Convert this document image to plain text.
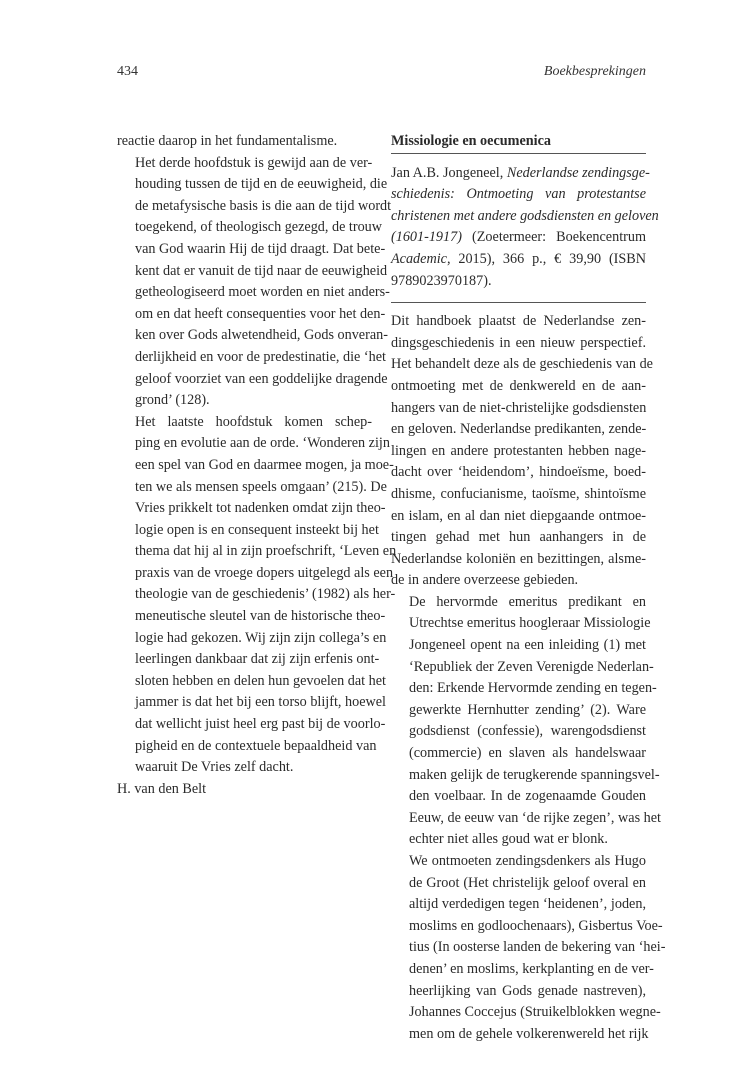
434	Boekbesprekingen

reactie daarop in het fundamentalisme.

Het derde hoofdstuk is gewijd aan de ver-
houding tussen de tijd en de eeuwigheid, die
de metafysische basis is die aan de tijd wordt
toegekend, of theologisch gezegd, de trouw
van God waarin Hij de tijd draagt. Dat bete-
kent dat er vanuit de tijd naar de eeuwigheid
getheologiseerd moet worden en niet anders-
om en dat heeft consequenties voor het den-
ken over Gods alwetendheid, Gods onveran-
derlijkheid en voor de predestinatie, die ‘het
geloof voorziet van een goddelijke dragende
grond’ (128).

Het laatste hoofdstuk komen schep-
ping en evolutie aan de orde. ‘Wonderen zijn
een spel van God en daarmee mogen, ja moe-
ten we als mensen speels omgaan’ (215). De
Vries prikkelt tot nadenken omdat zijn theo-
logie open is en consequent insteekt bij het
thema dat hij al in zijn proefschrift, ‘Leven en
praxis van de vroege dopers uitgelegd als een
theologie van de geschiedenis’ (1982) als her-
meneutische sleutel van de historische theo-
logie had gekozen. Wij zijn zijn collega’s en
leerlingen dankbaar dat zij zijn erfenis ont-
sloten hebben en delen hun gevoelen dat het
jammer is dat het bij een torso blijft, hoewel
dat wellicht juist heel erg past bij de voorlo-
pigheid en de contextuele bepaaldheid van
waaruit De Vries zelf dacht.

H. van den Belt

Missiologie en oecumenica

Jan A.B. Jongeneel, Nederlandse zendingsge-
schiedenis: Ontmoeting van protestantse
christenen met andere godsdiensten en geloven
(1601-1917) (Zoetermeer: Boekencentrum
Academic, 2015), 366 p., € 39,90 (ISBN
9789023970187).

Dit handboek plaatst de Nederlandse zen-
dingsgeschiedenis in een nieuw perspectief.
Het behandelt deze als de geschiedenis van de
ontmoeting met de denkwereld en de aan-
hangers van de niet-christelijke godsdiensten
en geloven. Nederlandse predikanten, zende-
lingen en andere protestanten hebben nage-
dacht over ‘heidendom’, hindoeïsme, boed-
dhisme, confucianisme, taoïsme, shintoïsme
en islam, en al dan niet diepgaande ontmoe-
tingen gehad met hun aanhangers in de
Nederlandse koloniën en bezittingen, alsme-
de in andere overzeese gebieden.

De hervormde emeritus predikant en
Utrechtse emeritus hoogleraar Missiologie
Jongeneel opent na een inleiding (1) met
‘Republiek der Zeven Verenigde Nederlan-
den: Erkende Hervormde zending en tegen-
gewerkte Hernhutter zending’ (2). Ware
godsdienst (confessie), warengodsdienst
(commercie) en slaven als handelswaar
maken gelijk de terugkerende spanningsvel-
den voelbaar. In de zogenaamde Gouden
Eeuw, de eeuw van ‘de rijke zegen’, was het
echter niet alles goud wat er blonk.

We ontmoeten zendingsdenkers als Hugo
de Groot (Het christelijk geloof overal en
altijd verdedigen tegen ‘heidenen’, joden,
moslims en godloochenaars), Gisbertus Voe-
tius (In oosterse landen de bekering van ‘hei-
denen’ en moslims, kerkplanting en de ver-
heerlijking van Gods genade nastreven),
Johannes Coccejus (Struikelblokken wegne-
men om de gehele volkerenwereld het rijk
